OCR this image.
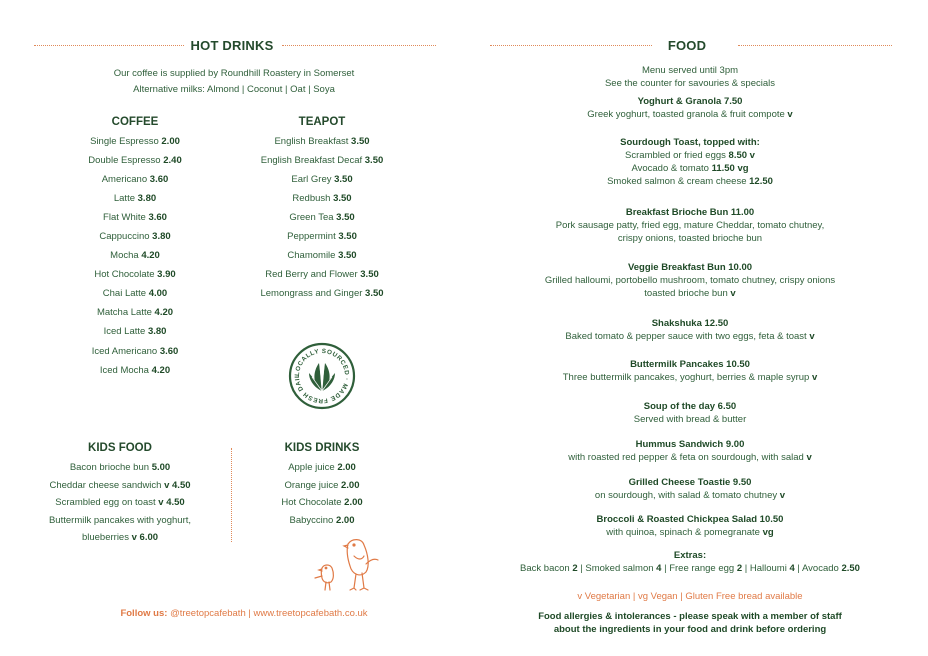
HOT DRINKS
Our coffee is supplied by Roundhill Roastery in Somerset
Alternative milks: Almond | Coconut | Oat | Soya
COFFEE
Single Espresso 2.00
Double Espresso 2.40
Americano 3.60
Latte 3.80
Flat White 3.60
Cappuccino 3.80
Mocha 4.20
Hot Chocolate 3.90
Chai Latte 4.00
Matcha Latte 4.20
Iced Latte 3.80
Iced Americano 3.60
Iced Mocha 4.20
TEAPOT
English Breakfast 3.50
English Breakfast Decaf 3.50
Earl Grey 3.50
Redbush 3.50
Green Tea 3.50
Peppermint 3.50
Chamomile 3.50
Red Berry and Flower 3.50
Lemongrass and Ginger 3.50
LOCALLY SOURCED · MADE FRESH DAIL
KIDS FOOD
Bacon brioche bun 5.00
Cheddar cheese sandwich v 4.50
Scrambled egg on toast v 4.50
Buttermilk pancakes with yoghurt,
blueberries v 6.00
KIDS DRINKS
Apple juice 2.00
Orange juice 2.00
Hot Chocolate 2.00
Babyccino 2.00
Follow us: @treetopcafebath | www.treetopcafebath.co.uk
FOOD
Menu served until 3pm
See the counter for savouries & specials
Yoghurt & Granola 7.50
Greek yoghurt, toasted granola & fruit compote v
Sourdough Toast, topped with:
Scrambled or fried eggs 8.50 v
Avocado & tomato 11.50 vg
Smoked salmon & cream cheese 12.50
Breakfast Brioche Bun 11.00
Pork sausage patty, fried egg, mature Cheddar, tomato chutney,
crispy onions, toasted brioche bun
Veggie Breakfast Bun 10.00
Grilled halloumi, portobello mushroom, tomato chutney, crispy onions
toasted brioche bun v
Shakshuka 12.50
Baked tomato & pepper sauce with two eggs, feta & toast v
Buttermilk Pancakes 10.50
Three buttermilk pancakes, yoghurt, berries & maple syrup v
Soup of the day 6.50
Served with bread & butter
Hummus Sandwich 9.00
with roasted red pepper & feta on sourdough, with salad v
Grilled Cheese Toastie 9.50
on sourdough, with salad & tomato chutney v
Broccoli & Roasted Chickpea Salad 10.50
with quinoa, spinach & pomegranate vg
Extras:
Back bacon 2 | Smoked salmon 4 | Free range egg 2 | Halloumi 4 | Avocado 2.50
v Vegetarian | vg Vegan | Gluten Free bread available
Food allergies & intolerances - please speak with a member of staff
about the ingredients in your food and drink before ordering
